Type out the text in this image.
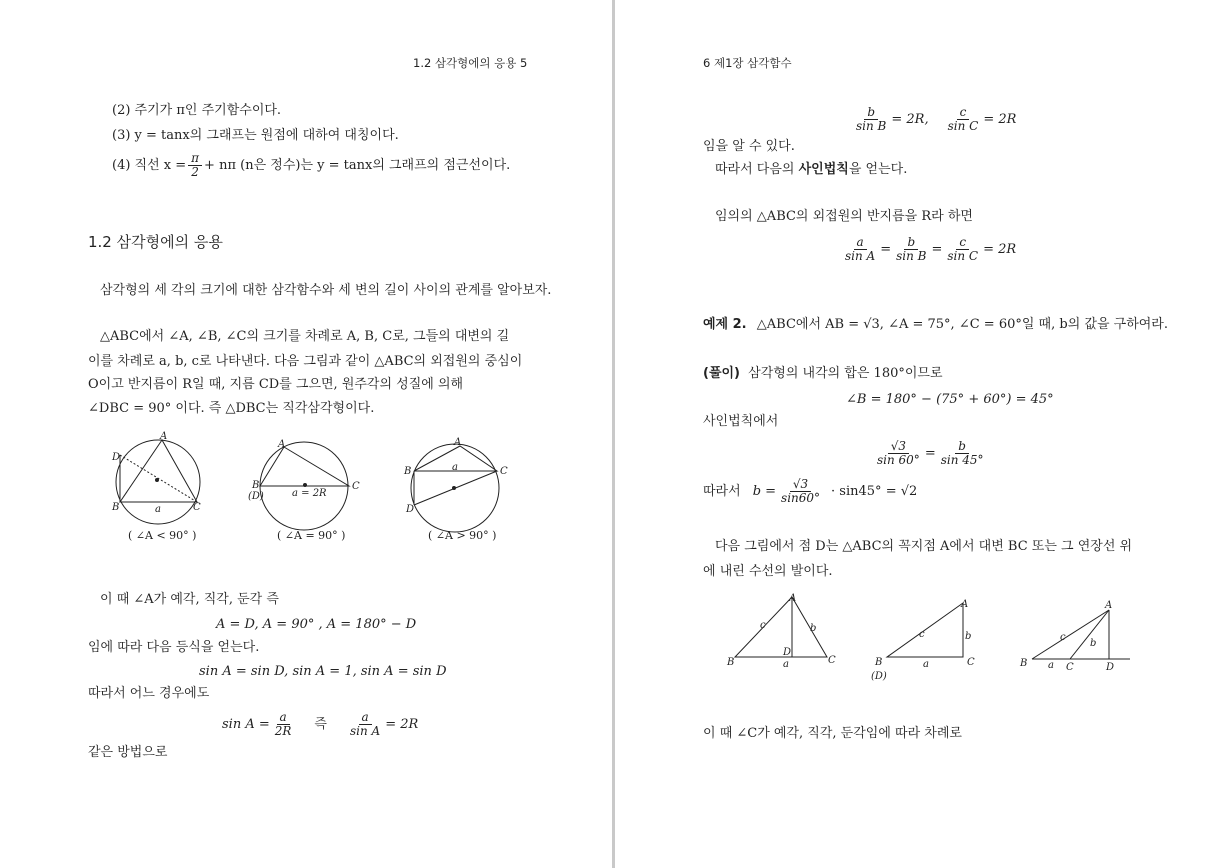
1.2 삼각형에의 응용 5
(2) 주기가 π인 주기함수이다.
(3) y = tanx의 그래프는 원점에 대하여 대칭이다.
(4) 직선 $x = \frac{\pi}{2} + n\pi$ (n은 정수)는 y = tanx의 그래프의 점근선이다.
1.2 삼각형에의 응용
삼각형의 세 각의 크기에 대한 삼각함수와 세 변의 길이 사이의 관계를 알아보자.
△ABC에서 ∠A, ∠B, ∠C의 크기를 차례로 A, B, C로, 그들의 대변의 길
이를 차례로 a, b, c로 나타낸다. 다음 그림과 같이 △ABC의 외접원의 중심이
O이고 반지름이 R일 때, 지름 CD를 그으면, 원주각의 성질에 의해
∠DBC = 90° 이다. 즉 △DBC는 직각삼각형이다.
A
D
B	C
a
( ∠A < 90° )
A
B
(D)
C
a = 2R
( ∠A = 90° )
A
B	C
a
D
( ∠A > 90° )
이 때 ∠A가 예각, 직각, 둔각 즉
A = D, A = 90° , A = 180° − D
임에 따라 다음 등식을 얻는다.
sin A = sin D, sin A = 1, sin A = sin D
따라서 어느 경우에도
$\sin A = \frac{a}{2R}$ 즉 $\frac{a}{\text{sin A}} = 2R$
같은 방법으로
6 제1장 삼각함수
$\frac{b}{\text{sin B}} = 2R$, $\frac{c}{\text{sin C}} = 2R$
임을 알 수 있다.
따라서 다음의 사인법칙을 얻는다.
임의의 △ABC의 외접원의 반지름을 R라 하면
$\frac{a}{\text{sin A}} = \frac{b}{\text{sin B}} = \frac{c}{\text{sin C}} = 2R$
예제 2. △ABC에서 AB = √3, ∠A = 75°, ∠C = 60°일 때, b의 값을 구하여라.
(풀이) 삼각형의 내각의 합은 180°이므로
∠B = 180° − (75° + 60°) = 45°
사인법칙에서
$\frac{√3}{\sin 60^\circ} = \frac{b}{\sin 45^\circ}$
따라서 $b = \frac{√3}{\sin 60^\circ} \cdot \sin 45^\circ = √2$
다음 그림에서 점 D는 △ABC의 꼭지점 A에서 대변 BC 또는 그 연장선 위
에 내린 수선의 발이다.
A
B	C
D
a
c	b
A
B	C
(D)
a
c	b
A
B	C	D
a
c
b
이 때 ∠C가 예각, 직각, 둔각임에 따라 차례로
